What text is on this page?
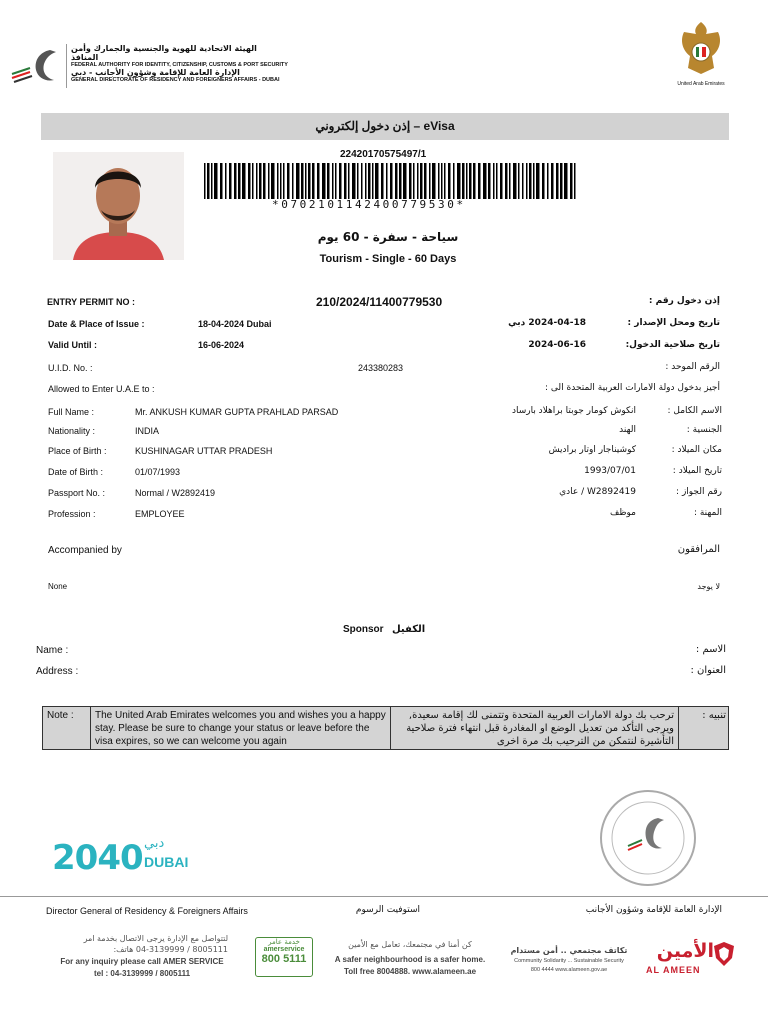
الهيئة الاتحادية للهوية والجنسية والجمارك وأمن المنافذ
FEDERAL AUTHORITY FOR IDENTITY, CITIZENSHIP, CUSTOMS & PORT SECURITY
الإدارة العامة للإقامة وشؤون الأجانب - دبي
GENERAL DIRECTORATE OF RESIDENCY AND FOREIGNERS AFFAIRS - DUBAI
United Arab Emirates
إذن دخول إلكتروني – eVisa
22420170575497/1
*0702101142400779530*
سياحة - سفرة - 60 يوم
Tourism - Single - 60 Days
ENTRY PERMIT NO :	210/2024/11400779530	إذن دخول رقم :
Date & Place of Issue :	18-04-2024 Dubai	2024-04-18 دبي	تاريخ ومحل الإصدار :
Valid Until :	16-06-2024	2024-06-16	تاريخ صلاحية الدخول:
U.I.D. No. :	243380283	الرقم الموحد :
Allowed to Enter U.A.E to :	أجيز بدخول دولة الامارات العربية المتحدة الى :
Full Name :	Mr. ANKUSH KUMAR GUPTA PRAHLAD PARSAD	انكوش كومار جوبتا براهلاد بارساد	الاسم الكامل :
Nationality :	INDIA	الهند	الجنسية :
Place of Birth :	KUSHINAGAR UTTAR PRADESH	كوشيناجار اوتار برادیش	مكان الميلاد :
Date of Birth :	01/07/1993	1993/07/01	تاريخ الميلاد :
Passport No. :	Normal / W2892419	W2892419 / عادي	رقم الجواز :
Profession :	EMPLOYEE	موظف	المهنة :
Accompanied by	المرافقون
None	لا يوجد
Sponsor الكفيل
Name :	الاسم :
Address :	العنوان :
Note :	The United Arab Emirates welcomes you and wishes you a happy stay. Please be sure to change your status or leave before the visa expires, so we can welcome you again
ترحب بك دولة الامارات العربية المتحدة وتتمنى لك إقامة سعيدة, ويرجى التأكد من تعديل الوضع او المغادرة قبل انتهاء فترة صلاحية التأشيرة لنتمكن من الترحيب بك مرة اخرى
تنبيه :
2040 دبي
DUBAI
Director General of Residency & Foreigners Affairs	استوفيت الرسوم	الإدارة العامة للإقامة وشؤون الأجانب
لتتواصل مع الإدارة يرجى الاتصال بخدمة امر
8005111 / 04-3139999 هاتف:
For any inquiry please call AMER SERVICE
tel : 04-3139999 / 8005111
خدمة عامر
amerservice
800 5111
كن أمنا في مجتمعك، تعامل مع الأمين
A safer neighbourhood is a safer home.
Toll free 8004888. www.alameen.ae
تكاتف مجتمعي .. أمن مستدام
Community Solidarity ... Sustainable Security
800 4444 www.alameen.gov.ae
الأمين
AL AMEEN
